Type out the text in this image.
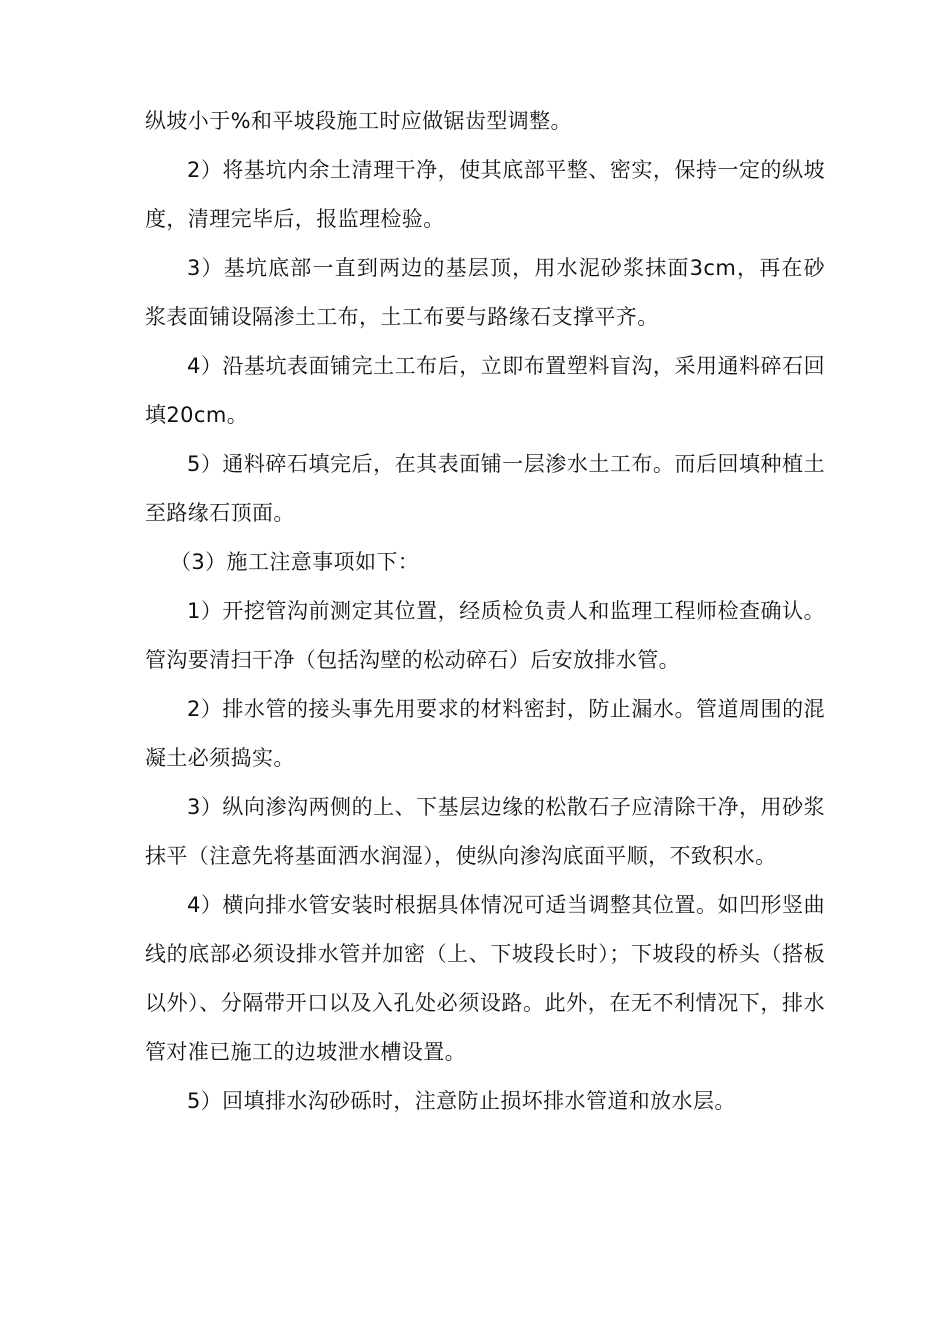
纵坡小于%和平坡段施工时应做锯齿型调整。

2）将基坑内余土清理干净，使其底部平整、密实，保持一定的纵坡度，清理完毕后，报监理检验。

3）基坑底部一直到两边的基层顶，用水泥砂浆抹面3cm，再在砂浆表面铺设隔渗土工布，土工布要与路缘石支撑平齐。

4）沿基坑表面铺完土工布后，立即布置塑料盲沟，采用通料碎石回填20cm。

5）通料碎石填完后，在其表面铺一层渗水土工布。而后回填种植土至路缘石顶面。

（3）施工注意事项如下：

1）开挖管沟前测定其位置，经质检负责人和监理工程师检查确认。管沟要清扫干净（包括沟壁的松动碎石）后安放排水管。

2）排水管的接头事先用要求的材料密封，防止漏水。管道周围的混凝土必须捣实。

3）纵向渗沟两侧的上、下基层边缘的松散石子应清除干净，用砂浆抹平（注意先将基面洒水润湿），使纵向渗沟底面平顺，不致积水。

4）横向排水管安装时根据具体情况可适当调整其位置。如凹形竖曲线的底部必须设排水管并加密（上、下坡段长时）；下坡段的桥头（搭板以外）、分隔带开口以及入孔处必须设路。此外，在无不利情况下，排水管对准已施工的边坡泄水槽设置。

5）回填排水沟砂砾时，注意防止损坏排水管道和放水层。
